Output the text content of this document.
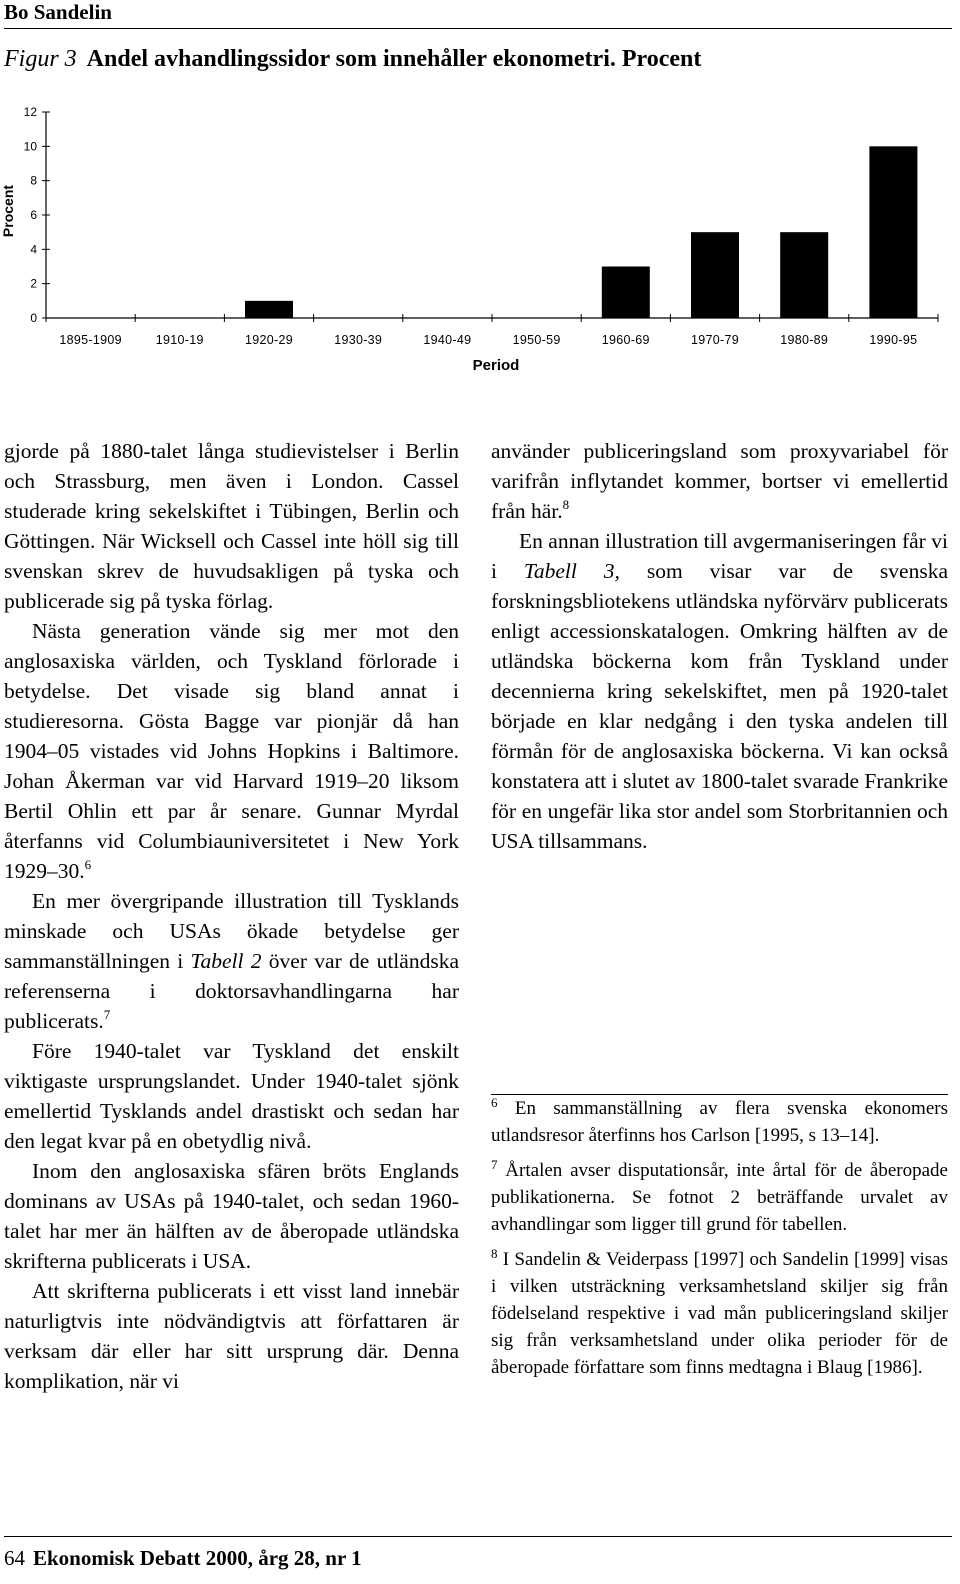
Bo Sandelin
Figur 3 Andel avhandlingssidor som innehåller ekonometri. Procent
0
2
4
6
8
10
12
1895-1909	1910-19	1920-29	1930-39	1940-49	1950-59	1960-69	1970-79	1980-89	1990-95
Procent
Period

gjorde på 1880-talet långa studievistelser i Berlin och Strassburg, men även i London. Cassel studerade kring sekelskiftet i Tübingen, Berlin och Göttingen. När Wicksell och Cassel inte höll sig till svenskan skrev de huvudsakligen på tyska och publicerade sig på tyska förlag.

Nästa generation vände sig mer mot den anglosaxiska världen, och Tyskland förlorade i betydelse. Det visade sig bland annat i studieresorna. Gösta Bagge var pionjär då han 1904–05 vistades vid Johns Hopkins i Baltimore. Johan Åkerman var vid Harvard 1919–20 liksom Bertil Ohlin ett par år senare. Gunnar Myrdal återfanns vid Columbiauniversitetet i New York 1929–30.$^6$

En mer övergripande illustration till Tysklands minskade och USAs ökade betydelse ger sammanställningen i Tabell 2 över var de utländska referenserna i doktorsavhandlingarna har publicerats.$^7$

Före 1940-talet var Tyskland det enskilt viktigaste ursprungslandet. Under 1940-talet sjönk emellertid Tysklands andel drastiskt och sedan har den legat kvar på en obetydlig nivå.

Inom den anglosaxiska sfären bröts Englands dominans av USAs på 1940-talet, och sedan 1960-talet har mer än hälften av de åberopade utländska skrifterna publicerats i USA.

Att skrifterna publicerats i ett visst land innebär naturligtvis inte nödvändigtvis att författaren är verksam där eller har sitt ursprung där. Denna komplikation, när vi

använder publiceringsland som proxyvariabel för varifrån inflytandet kommer, bortser vi emellertid från här.$^8$

En annan illustration till avgermaniseringen får vi i Tabell 3, som visar var de svenska forskningsbliotekens utländska nyförvärv publicerats enligt accessionskatalogen. Omkring hälften av de utländska böckerna kom från Tyskland under decennierna kring sekelskiftet, men på 1920-talet började en klar nedgång i den tyska andelen till förmån för de anglosaxiska böckerna. Vi kan också konstatera att i slutet av 1800-talet svarade Frankrike för en ungefär lika stor andel som Storbritannien och USA tillsammans.

$^6$ En sammanställning av flera svenska ekonomers utlandsresor återfinns hos Carlson [1995, s 13–14].

$^7$ Årtalen avser disputationsår, inte årtal för de åberopade publikationerna. Se fotnot 2 beträffande urvalet av avhandlingar som ligger till grund för tabellen.

$^8$ I Sandelin & Veiderpass [1997] och Sandelin [1999] visas i vilken utsträckning verksamhetsland skiljer sig från födelseland respektive i vad mån publiceringsland skiljer sig från verksamhetsland under olika perioder för de åberopade författare som finns medtagna i Blaug [1986].

64 Ekonomisk Debatt 2000, årg 28, nr 1
